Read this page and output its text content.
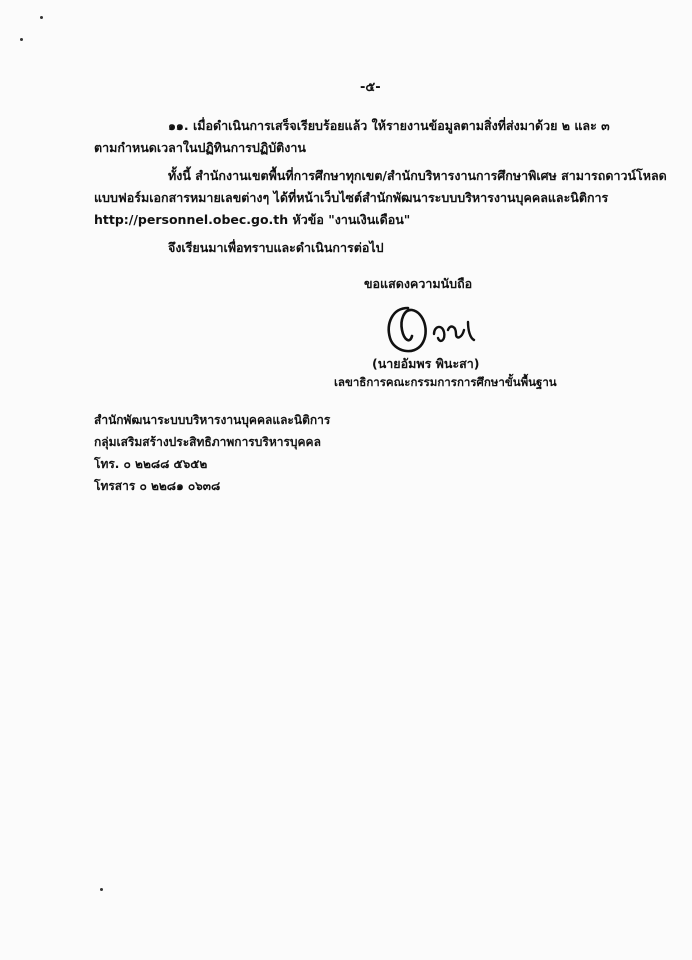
-๕-
๑๑. เมื่อดำเนินการเสร็จเรียบร้อยแล้ว ให้รายงานข้อมูลตามสิ่งที่ส่งมาด้วย ๒ และ ๓
ตามกำหนดเวลาในปฏิทินการปฏิบัติงาน
ทั้งนี้ สำนักงานเขตพื้นที่การศึกษาทุกเขต/สำนักบริหารงานการศึกษาพิเศษ สามารถดาวน์โหลด
แบบฟอร์มเอกสารหมายเลขต่างๆ ได้ที่หน้าเว็บไซต์สำนักพัฒนาระบบบริหารงานบุคคลและนิติการ
http://personnel.obec.go.th หัวข้อ "งานเงินเดือน"
จึงเรียนมาเพื่อทราบและดำเนินการต่อไป
ขอแสดงความนับถือ
(นายอัมพร พินะสา)
เลขาธิการคณะกรรมการการศึกษาขั้นพื้นฐาน
สำนักพัฒนาระบบบริหารงานบุคคลและนิติการ
กลุ่มเสริมสร้างประสิทธิภาพการบริหารบุคคล
โทร. ๐ ๒๒๘๘ ๕๖๕๒
โทรสาร ๐ ๒๒๘๑ ๐๖๓๘
